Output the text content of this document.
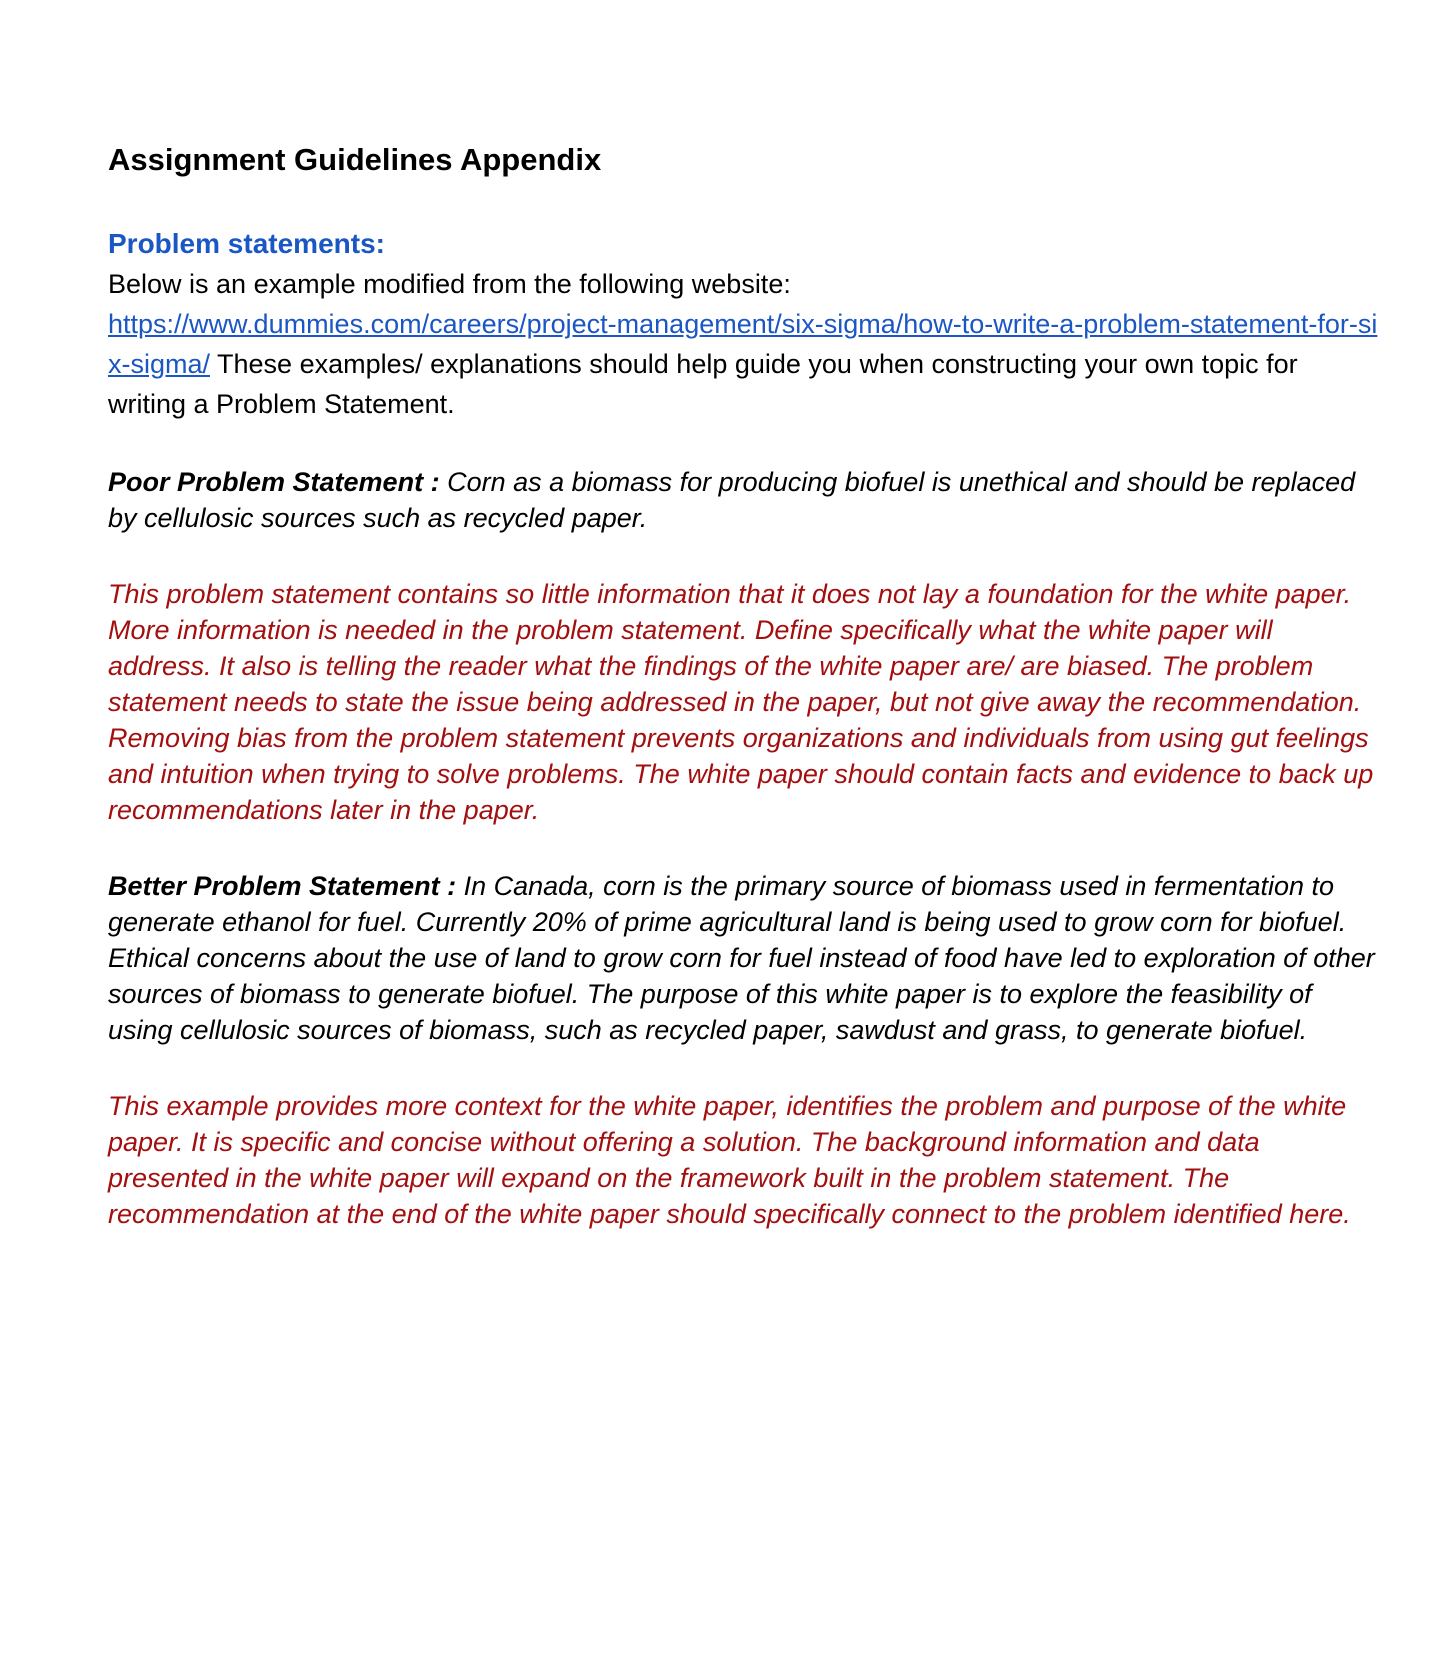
Assignment Guidelines Appendix
Problem statements:

Below is an example modified from the following website:
https://www.dummies.com/careers/project-management/six-sigma/how-to-write-a-problem-statement-for-six-sigma/ These examples/ explanations should help guide you when constructing your own topic for writing a Problem Statement.

Poor Problem Statement : Corn as a biomass for producing biofuel is unethical and should be replaced by cellulosic sources such as recycled paper.

This problem statement contains so little information that it does not lay a foundation for the white paper. More information is needed in the problem statement. Define specifically what the white paper will address. It also is telling the reader what the findings of the white paper are/ are biased. The problem statement needs to state the issue being addressed in the paper, but not give away the recommendation. Removing bias from the problem statement prevents organizations and individuals from using gut feelings and intuition when trying to solve problems. The white paper should contain facts and evidence to back up recommendations later in the paper.

Better Problem Statement : In Canada, corn is the primary source of biomass used in fermentation to generate ethanol for fuel. Currently 20% of prime agricultural land is being used to grow corn for biofuel. Ethical concerns about the use of land to grow corn for fuel instead of food have led to exploration of other sources of biomass to generate biofuel. The purpose of this white paper is to explore the feasibility of using cellulosic sources of biomass, such as recycled paper, sawdust and grass, to generate biofuel.

This example provides more context for the white paper, identifies the problem and purpose of the white paper. It is specific and concise without offering a solution. The background information and data presented in the white paper will expand on the framework built in the problem statement. The recommendation at the end of the white paper should specifically connect to the problem identified here.
